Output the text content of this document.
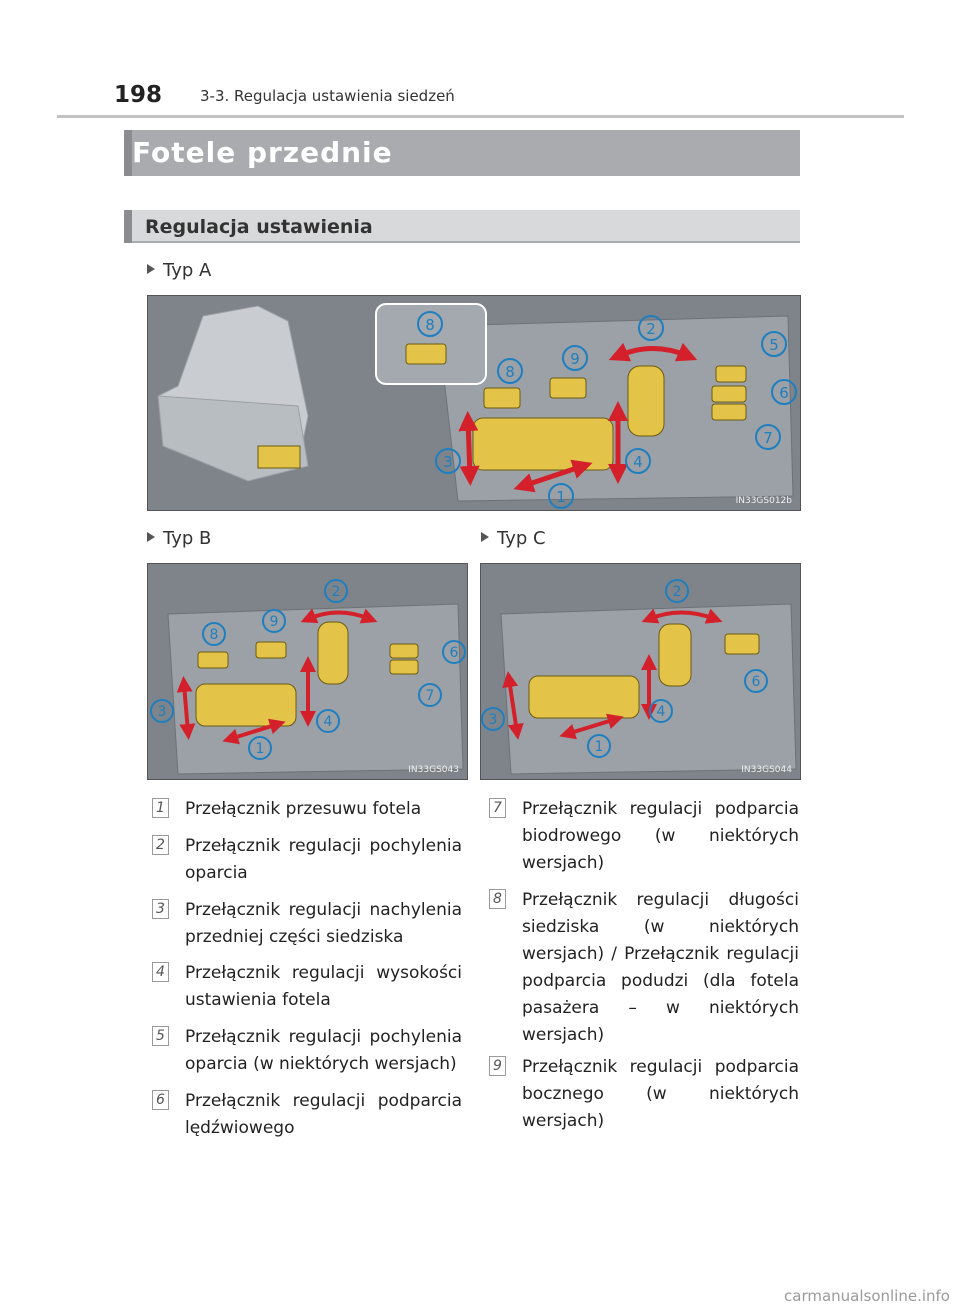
198	3-3. Regulacja ustawienia siedzeń
Fotele przednie
Regulacja ustawienia
Typ A
8
8
9
2
5
6
7
3	4
1	IN33GS012b
Typ B	Typ C
8
9
2
6
7
3
4
1
IN33GS043
2
6
3	4
1
IN33GS044
1	Przełącznik przesuwu fotela
2	Przełącznik regulacji pochylenia oparcia
3	Przełącznik regulacji nachylenia przedniej części siedziska
4	Przełącznik regulacji wysokości ustawienia fotela
5	Przełącznik regulacji pochylenia oparcia (w niektórych wersjach)
6	Przełącznik regulacji podparcia lędźwiowego
7	Przełącznik regulacji podparcia biodrowego (w niektórych wersjach)
8	Przełącznik regulacji długości siedziska (w niektórych wersjach) / Przełącznik regulacji podparcia podudzi (dla fotela pasażera – w niektórych wersjach)
9	Przełącznik regulacji podparcia bocznego (w niektórych wersjach)
carmanualsonline.info
